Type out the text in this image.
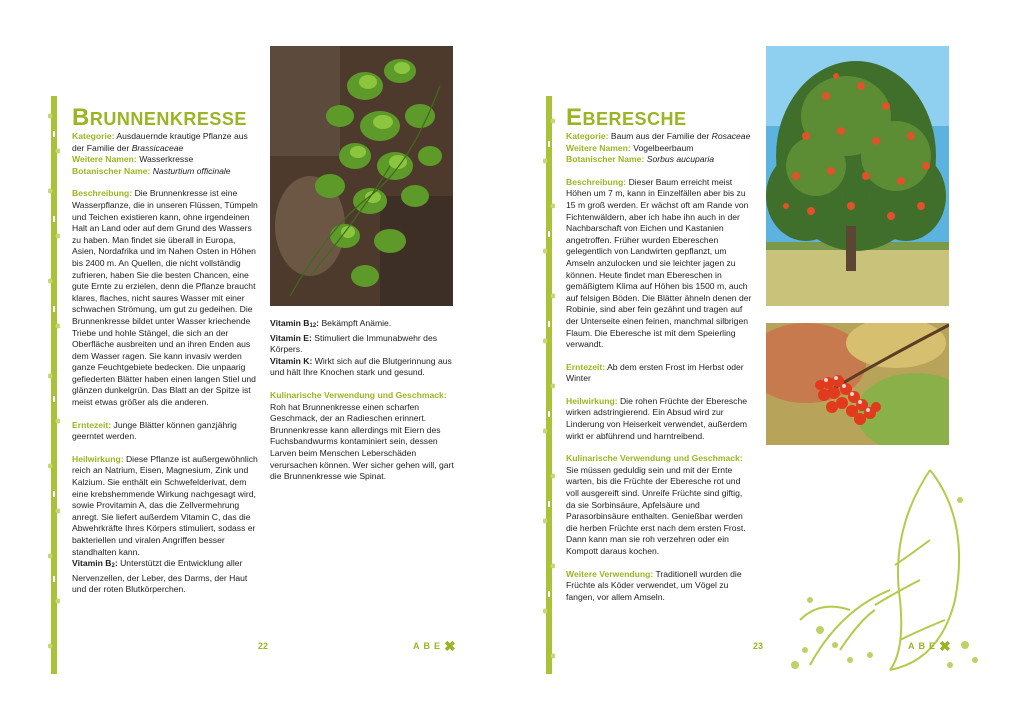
BRUNNENKRESSE

Kategorie: Ausdauernde krautige Pflanze aus der Familie der Brassicaceae
Weitere Namen: Wasserkresse
Botanischer Name: Nasturtium officinale

Beschreibung: Die Brunnenkresse ist eine Wasserpflanze, die in unseren Flüssen, Tümpeln und Teichen existieren kann, ohne irgendeinen Halt an Land oder auf dem Grund des Wassers zu haben. Man findet sie überall in Europa, Asien, Nordafrika und im Nahen Osten in Höhen bis 2400 m. An Quellen, die nicht vollständig zufrieren, haben Sie die besten Chancen, eine gute Ernte zu erzielen, denn die Pflanze braucht klares, flaches, nicht saures Wasser mit einer schwachen Strömung, um gut zu gedeihen. Die Brunnenkresse bildet unter Wasser kriechende Triebe und hohle Stängel, die sich an der Oberfläche ausbreiten und an ihren Enden aus dem Wasser ragen. Sie kann invasiv werden ganze Feuchtgebiete bedecken. Die unpaarig gefiederten Blätter haben einen langen Stiel und glänzen dunkelgrün. Das Blatt an der Spitze ist meist etwas größer als die anderen.

Erntezeit: Junge Blätter können ganzjährig geerntet werden.

Heilwirkung: Diese Pflanze ist außergewöhnlich reich an Natrium, Eisen, Magnesium, Zink und Kalzium. Sie enthält ein Schwefelderivat, dem eine krebshemmende Wirkung nachgesagt wird, sowie Provitamin A, das die Zellvermehrung anregt. Sie liefert außerdem Vitamin C, das die Abwehrkräfte Ihres Körpers stimuliert, sodass er bakteriellen und viralen Angriffen besser standhalten kann.
Vitamin $B_2$: Unterstützt die Entwicklung aller Nervenzellen, der Leber, des Darms, der Haut und der roten Blutkörperchen.

Vitamin $B_{12}$: Bekämpft Anämie.
Vitamin E: Stimuliert die Immunabwehr des Körpers.
Vitamin K: Wirkt sich auf die Blutgerinnung aus und hält Ihre Knochen stark und gesund.

Kulinarische Verwendung und Geschmack:
Roh hat Brunnenkresse einen scharfen Geschmack, der an Radieschen erinnert. Brunnenkresse kann allerdings mit Eiern des Fuchsbandwurms kontaminiert sein, dessen Larven beim Menschen Leberschäden verursachen können. Wer sicher gehen will, gart die Brunnenkresse wie Spinat.

22	ABE✖
EBERESCHE

Kategorie: Baum aus der Familie der Rosaceae
Weitere Namen: Vogelbeerbaum
Botanischer Name: Sorbus aucuparia

Beschreibung: Dieser Baum erreicht meist Höhen um 7 m, kann in Einzelfällen aber bis zu 15 m groß werden. Er wächst oft am Rande von Fichtenwäldern, aber ich habe ihn auch in der Nachbarschaft von Eichen und Kastanien angetroffen. Früher wurden Ebereschen gelegentlich von Landwirten gepflanzt, um Amseln anzulocken und sie leichter jagen zu können. Heute findet man Ebereschen in gemäßigtem Klima auf Höhen bis 1500 m, auch auf felsigen Böden. Die Blätter ähneln denen der Robinie, sind aber fein gezähnt und tragen auf der Unterseite einen feinen, manchmal silbrigen Flaum. Die Eberesche ist mit dem Speierling verwandt.

Erntezeit: Ab dem ersten Frost im Herbst oder Winter

Heilwirkung: Die rohen Früchte der Eberesche wirken adstringierend. Ein Absud wird zur Linderung von Heiserkeit verwendet, außerdem wirkt er abführend und harntreibend.

Kulinarische Verwendung und Geschmack:
Sie müssen geduldig sein und mit der Ernte warten, bis die Früchte der Eberesche rot und voll ausgereift sind. Unreife Früchte sind giftig, da sie Sorbinsäure, Apfelsäure und Parasorbinsäure enthalten. Genießbar werden die herben Früchte erst nach dem ersten Frost. Dann kann man sie roh verzehren oder ein Kompott daraus kochen.

Weitere Verwendung: Traditionell wurden die Früchte als Köder verwendet, um Vögel zu fangen, vor allem Amseln.

23	ABE✖
